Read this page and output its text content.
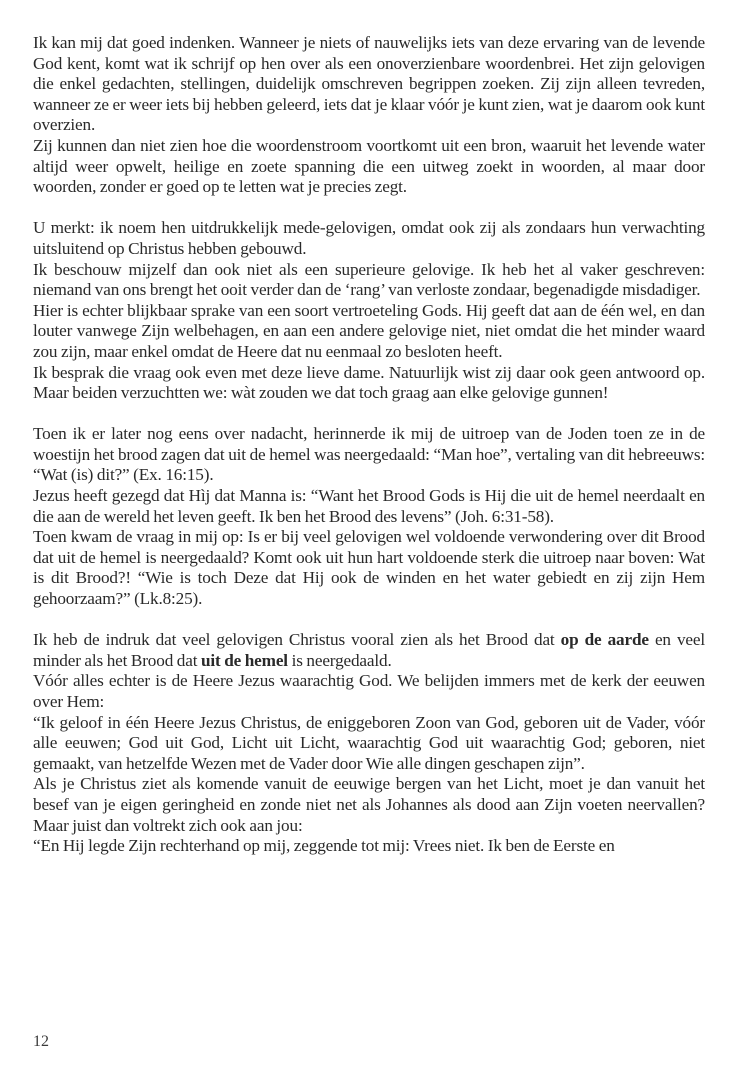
Ik kan mij dat goed indenken. Wanneer je niets of nauwelijks iets van deze ervaring van de levende God kent, komt wat ik schrijf op hen over als een onoverzienbare woordenbrei. Het zijn gelovigen die enkel gedachten, stellingen, duidelijk omschreven begrippen zoeken. Zij zijn alleen tevreden, wanneer ze er weer iets bij hebben geleerd, iets dat je klaar vóór je kunt zien, wat je daarom ook kunt overzien.

Zij kunnen dan niet zien hoe die woordenstroom voortkomt uit een bron, waaruit het levende water altijd weer opwelt, heilige en zoete spanning die een uitweg zoekt in woorden, al maar door woorden, zonder er goed op te letten wat je precies zegt.

U merkt: ik noem hen uitdrukkelijk mede-gelovigen, omdat ook zij als zondaars hun verwachting uitsluitend op Christus hebben gebouwd.

Ik beschouw mijzelf dan ook niet als een superieure gelovige. Ik heb het al vaker geschreven: niemand van ons brengt het ooit verder dan de ‘rang’ van verloste zondaar, begenadigde misdadiger.

Hier is echter blijkbaar sprake van een soort vertroeteling Gods. Hij geeft dat aan de één wel, en dan louter vanwege Zijn welbehagen, en aan een andere gelovige niet, niet omdat die het minder waard zou zijn, maar enkel omdat de Heere dat nu eenmaal zo besloten heeft.

Ik besprak die vraag ook even met deze lieve dame. Natuurlijk wist zij daar ook geen antwoord op. Maar beiden verzuchtten we: wàt zouden we dat toch graag aan elke gelovige gunnen!

Toen ik er later nog eens over nadacht, herinnerde ik mij de uitroep van de Joden toen ze in de woestijn het brood zagen dat uit de hemel was neergedaald: “Man hoe”, vertaling van dit hebreeuws: “Wat (is) dit?” (Ex. 16:15).

Jezus heeft gezegd dat Hìj dat Manna is: “Want het Brood Gods is Hij die uit de hemel neerdaalt en die aan de wereld het leven geeft. Ik ben het Brood des levens” (Joh. 6:31-58).

Toen kwam de vraag in mij op: Is er bij veel gelovigen wel voldoende verwondering over dit Brood dat uit de hemel is neergedaald? Komt ook uit hun hart voldoende sterk die uitroep naar boven: Wat is dit Brood?! “Wie is toch Deze dat Hij ook de winden en het water gebiedt en zij zijn Hem gehoorzaam?” (Lk.8:25).

Ik heb de indruk dat veel gelovigen Christus vooral zien als het Brood dat op de aarde en veel minder als het Brood dat uit de hemel is neergedaald.

Vóór alles echter is de Heere Jezus waarachtig God. We belijden immers met de kerk der eeuwen over Hem:

“Ik geloof in één Heere Jezus Christus, de eniggeboren Zoon van God, geboren uit de Vader, vóór alle eeuwen; God uit God, Licht uit Licht, waarachtig God uit waarachtig God; geboren, niet gemaakt, van hetzelfde Wezen met de Vader door Wie alle dingen geschapen zijn”.

Als je Christus ziet als komende vanuit de eeuwige bergen van het Licht, moet je dan vanuit het besef van je eigen geringheid en zonde niet net als Johannes als dood aan Zijn voeten neervallen? Maar juist dan voltrekt zich ook aan jou:

“En Hij legde Zijn rechterhand op mij, zeggende tot mij: Vrees niet. Ik ben de Eerste en

12
